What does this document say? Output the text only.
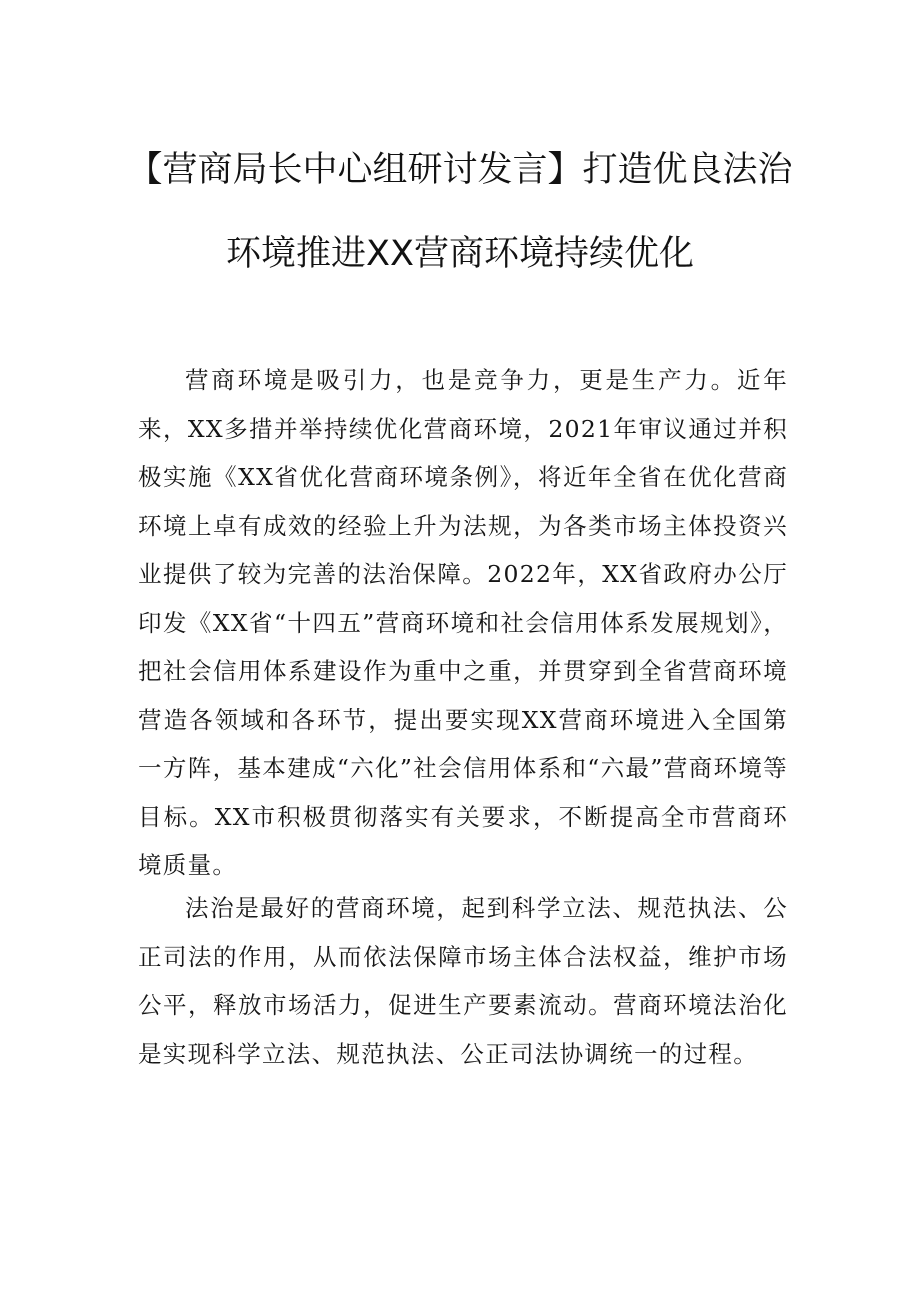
【营商局长中心组研讨发言】打造优良法治
环境推进XX营商环境持续优化

营商环境是吸引力，也是竞争力，更是生产力。近年来，XX多措并举持续优化营商环境，2021年审议通过并积极实施《XX省优化营商环境条例》，将近年全省在优化营商环境上卓有成效的经验上升为法规，为各类市场主体投资兴业提供了较为完善的法治保障。2022年，XX省政府办公厅印发《XX省“十四五”营商环境和社会信用体系发展规划》，把社会信用体系建设作为重中之重，并贯穿到全省营商环境营造各领域和各环节，提出要实现XX营商环境进入全国第一方阵，基本建成“六化”社会信用体系和“六最”营商环境等目标。XX市积极贯彻落实有关要求，不断提高全市营商环境质量。

法治是最好的营商环境，起到科学立法、规范执法、公正司法的作用，从而依法保障市场主体合法权益，维护市场公平，释放市场活力，促进生产要素流动。营商环境法治化是实现科学立法、规范执法、公正司法协调统一的过程。
